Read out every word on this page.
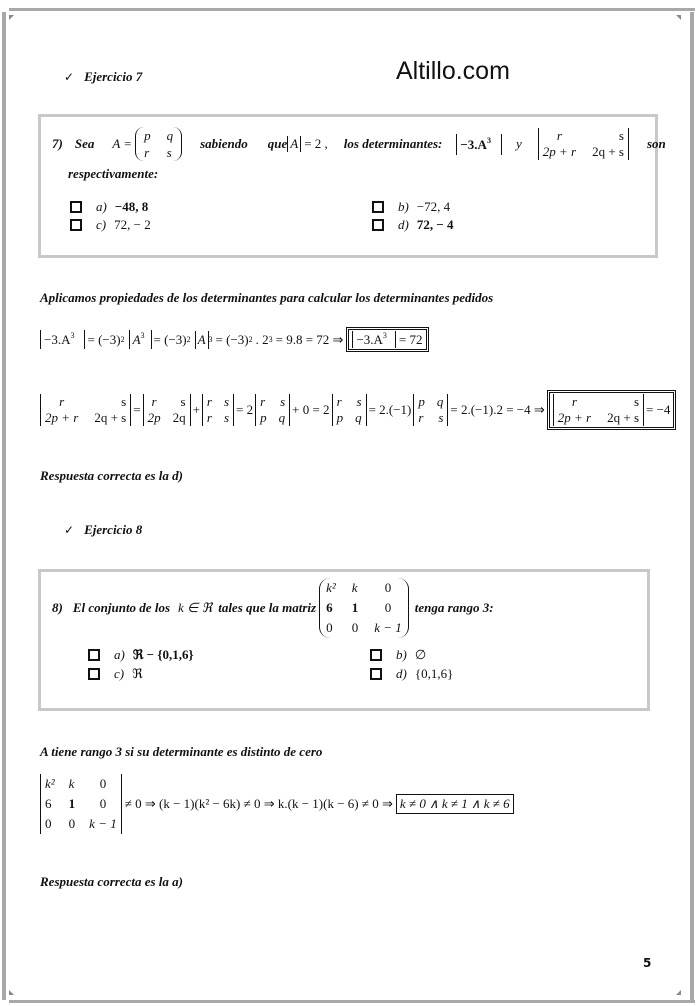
✓ Ejercicio 7	Altillo.com
7) Sea A =
p q
r s
sabiendo que A = 2 , los determinantes:	$-3.A^3$	y
r	s
2p + r 2q + s
son
respectivamente:
a) −48, 8	b) −72, 4
c) 72, − 2	d) 72, − 4
Aplicamos propiedades de los determinantes para calcular los determinantes pedidos
$-3.A^3$	= (−3) 2 $A^3 = (-3)$ 2 A 3 = (−3) 2 . 2 3 = 9.8 = 72 ⇒	$-3.A^3 = 72$
r	s
2p + r 2q + s
=
r	s
2p 2q
+
r s
r s
= 2
r s
p q
+ 0 = 2
r s
p q
= 2.(−1)
p q
r s
= 2.(−1).2 = −4 ⇒
r	s
2p + r 2q + s
= −4
Respuesta correcta es la d)
✓ Ejercicio 8
8) El conjunto de los k ∈ ℜ tales que la matriz
k² k	0
6 1	0
0 0 k − 1
tenga rango 3:
a) ℜ − {0,1,6}	b) ∅
c) ℜ	d) {0,1,6}
A tiene rango 3 si su determinante es distinto de cero
k² k	0
6 1	0
0 0 k − 1
≠ 0 ⇒ (k − 1)(k² − 6k) ≠ 0 ⇒ k.(k − 1)(k − 6) ≠ 0 ⇒ k ≠ 0 ∧ k ≠ 1 ∧ k ≠ 6
Respuesta correcta es la a)
5
